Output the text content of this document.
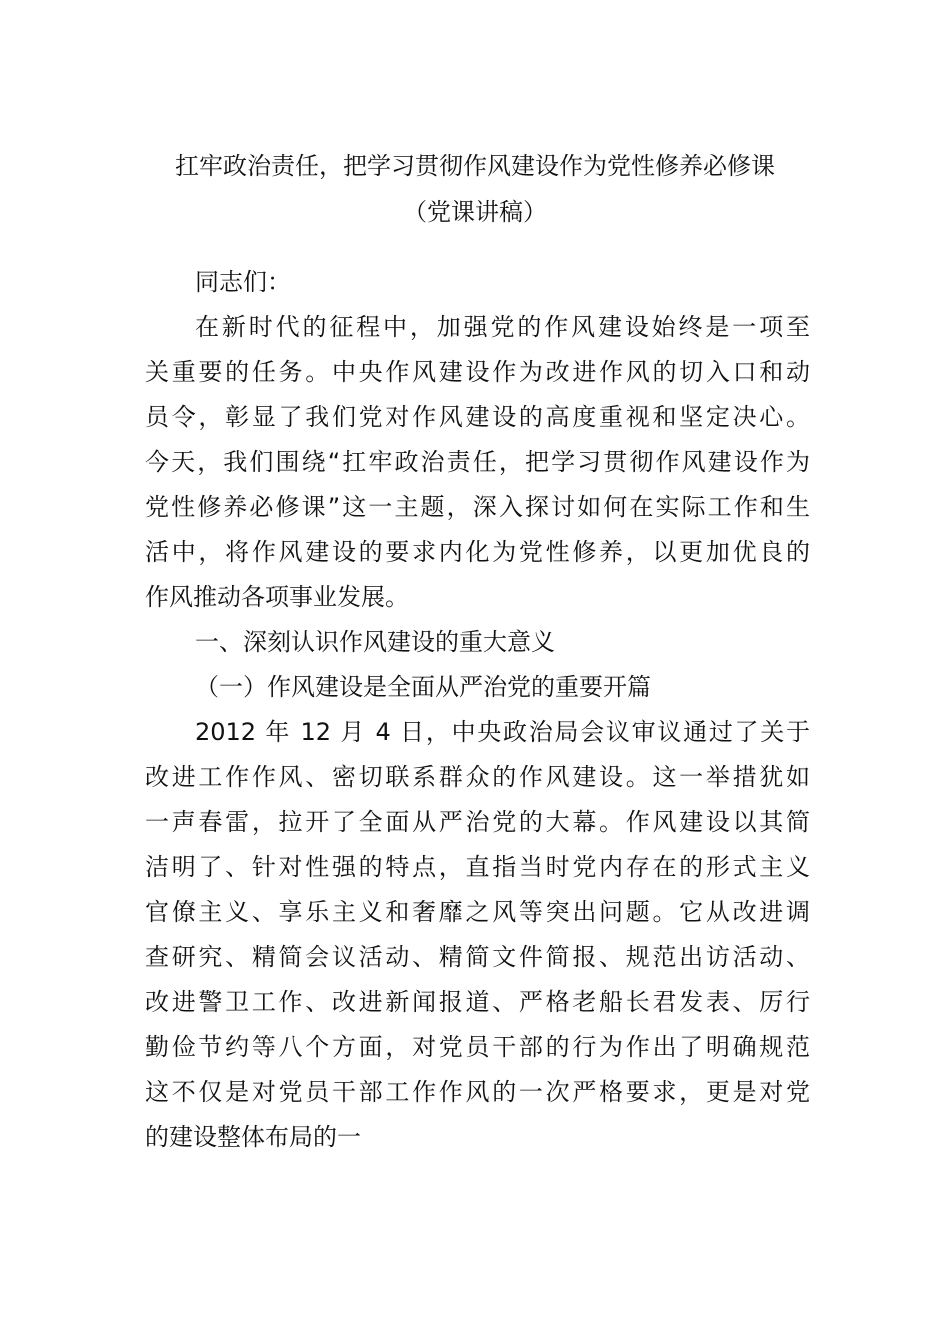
扛牢政治责任，把学习贯彻作风建设作为党性修养必修课
（党课讲稿）
同志们：
在新时代的征程中，加强党的作风建设始终是一项至
关重要的任务。中央作风建设作为改进作风的切入口和动
员令，彰显了我们党对作风建设的高度重视和坚定决心。
今天，我们围绕“扛牢政治责任，把学习贯彻作风建设作为
党性修养必修课”这一主题，深入探讨如何在实际工作和生
活中，将作风建设的要求内化为党性修养，以更加优良的
作风推动各项事业发展。
一、深刻认识作风建设的重大意义
（一）作风建设是全面从严治党的重要开篇
2012 年 12 月 4 日，中央政治局会议审议通过了关于
改进工作作风、密切联系群众的作风建设。这一举措犹如
一声春雷，拉开了全面从严治党的大幕。作风建设以其简
洁明了、针对性强的特点，直指当时党内存在的形式主义
官僚主义、享乐主义和奢靡之风等突出问题。它从改进调
查研究、精简会议活动、精简文件简报、规范出访活动、
改进警卫工作、改进新闻报道、严格老船长君发表、厉行
勤俭节约等八个方面，对党员干部的行为作出了明确规范
这不仅是对党员干部工作作风的一次严格要求，更是对党
的建设整体布局的一
